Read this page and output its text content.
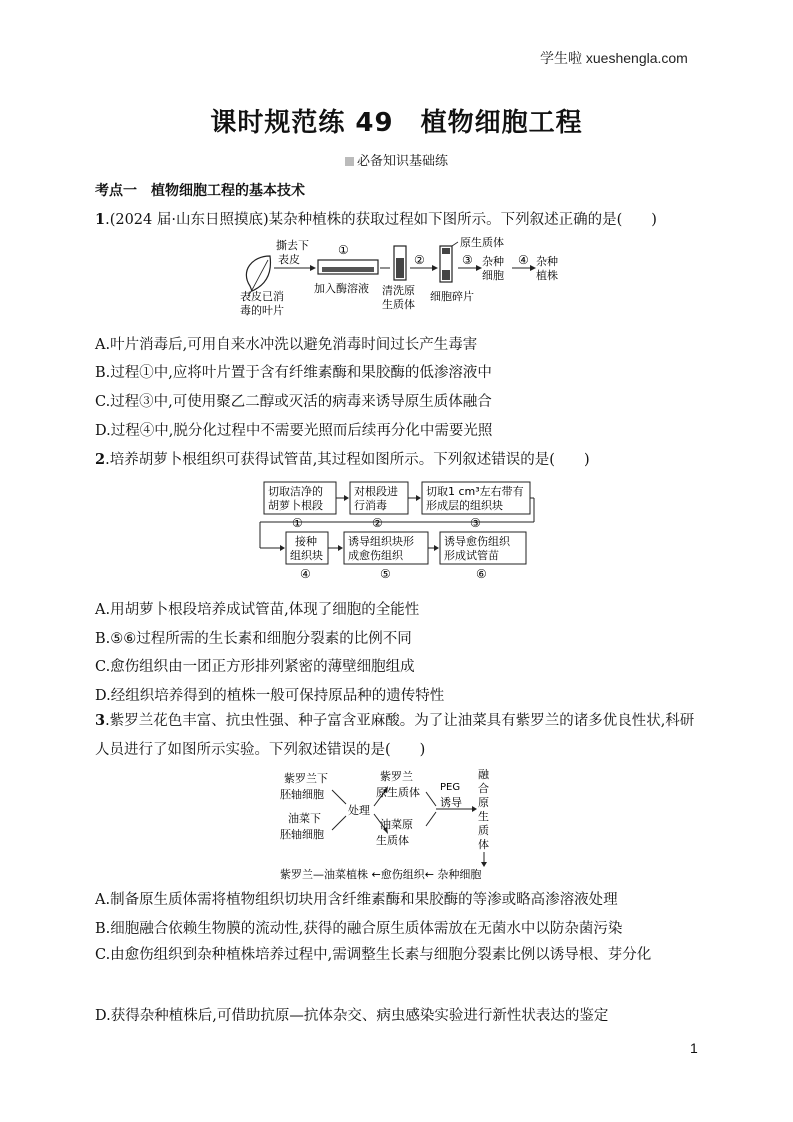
学生啦 xueshengla.com
课时规范练 49　植物细胞工程
必备知识基础练
考点一　植物细胞工程的基本技术
1.(2024 届·山东日照摸底)某杂种植株的获取过程如下图所示。下列叙述正确的是(　　)
表皮已消
毒的叶片
撕去下
表皮
①
加入酶溶液 清洗原
生质体
②
原生质体
细胞碎片
③ 杂种
细胞
④ 杂种
植株
A.叶片消毒后,可用自来水冲洗以避免消毒时间过长产生毒害
B.过程①中,应将叶片置于含有纤维素酶和果胶酶的低渗溶液中
C.过程③中,可使用聚乙二醇或灭活的病毒来诱导原生质体融合
D.过程④中,脱分化过程中不需要光照而后续再分化中需要光照
2.培养胡萝卜根组织可获得试管苗,其过程如图所示。下列叙述错误的是(　　)
切取洁净的
胡萝卜根段
①
对根段进
行消毒
②
切取1 cm³左右带有
形成层的组织块
③
接种
组织块
④
诱导组织块形
成愈伤组织
⑤
诱导愈伤组织
形成试管苗
⑥
A.用胡萝卜根段培养成试管苗,体现了细胞的全能性
B.⑤⑥过程所需的生长素和细胞分裂素的比例不同
C.愈伤组织由一团正方形排列紧密的薄壁细胞组成
D.经组织培养得到的植株一般可保持原品种的遗传特性
3.紫罗兰花色丰富、抗虫性强、种子富含亚麻酸。为了让油菜具有紫罗兰的诸多优良性状,科研人员进行了如图所示实验。下列叙述错误的是(　　)
紫罗兰下
胚轴细胞
油菜下
胚轴细胞
处理
紫罗兰
原生质体
油菜原
生质体
PEG
诱导
融
合
原
生
质
体
紫罗兰—油菜植株 ←愈伤组织← 杂种细胞
A.制备原生质体需将植物组织切块用含纤维素酶和果胶酶的等渗或略高渗溶液处理
B.细胞融合依赖生物膜的流动性,获得的融合原生质体需放在无菌水中以防杂菌污染
C.由愈伤组织到杂种植株培养过程中,需调整生长素与细胞分裂素比例以诱导根、芽分化
D.获得杂种植株后,可借助抗原—抗体杂交、病虫感染实验进行新性状表达的鉴定
1
